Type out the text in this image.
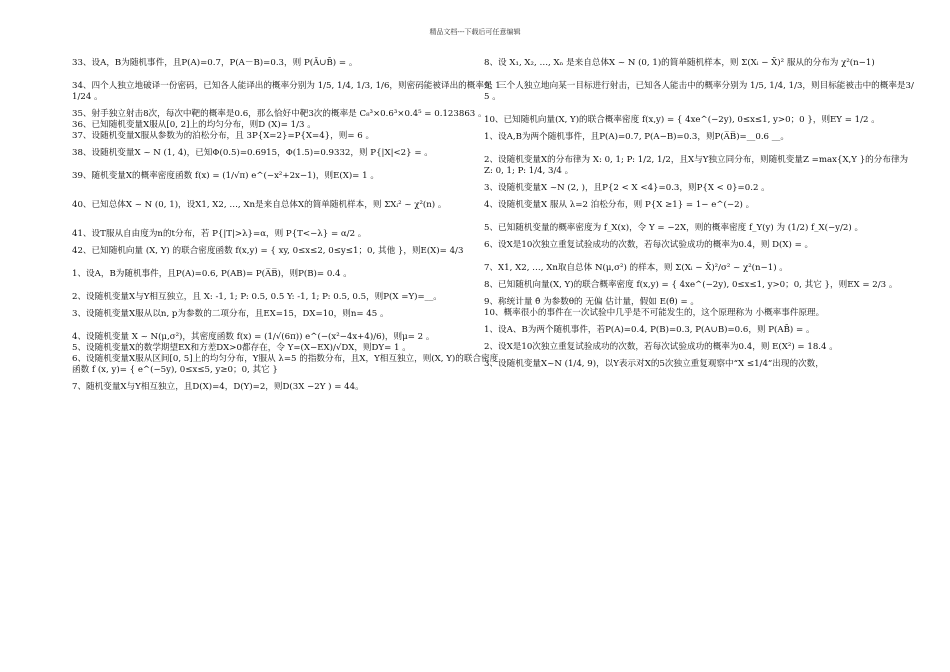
精品文档---下载后可任意编辑

33、设A，B为随机事件，且P(A)=0.7，P(A－B)=0.3，则 P(Ā∪B̄) = 。

34、四个人独立地破译一份密码，已知各人能译出的概率分别为 1/5, 1/4, 1/3, 1/6，则密码能被译出的概率是 11/24 。

35、射手独立射击8次，每次中靶的概率是0.6，那么恰好中靶3次的概率是 C₈³×0.6³×0.4⁵ = 0.123863 。

36、已知随机变量X服从[0, 2]上的均匀分布，则D (X)= 1/3 。

37、设随机变量X服从参数为的泊松分布，且 3P{X=2}=P{X=4}，则= 6 。

38、设随机变量X ~ N (1, 4)，已知Φ(0.5)=0.6915，Φ(1.5)=0.9332，则 P{|X|<2} = 。

39、随机变量X的概率密度函数 f(x) = (1/√π) e^(−x²+2x−1)，则E(X)= 1 。

40、已知总体X ~ N (0, 1)，设X1, X2, …, Xn是来自总体X的简单随机样本，则 ΣXᵢ² ~ χ²(n) 。

41、设T服从自由度为n的t分布，若 P{|T|>λ}=α，则 P{T<−λ} = α/2 。

42、已知随机向量 (X, Y) 的联合密度函数 f(x,y) = { xy, 0≤x≤2, 0≤y≤1；0, 其他 }，则E(X)= 4/3

1、设A，B为随机事件，且P(A)=0.6, P(AB)= P(A̅B̅)，则P(B)= 0.4 。

2、设随机变量X与Y相互独立，且 X: -1, 1; P: 0.5, 0.5 Y: -1, 1; P: 0.5, 0.5，则P(X =Y)=__。

3、设随机变量X服从以n, p为参数的二项分布，且EX=15，DX=10，则n= 45 。

4、设随机变量 X ~ N(μ,σ²)，其密度函数 f(x) = (1/√(6π)) e^(−(x²−4x+4)/6)，则μ= 2 。

5、设随机变量X的数学期望EX和方差DX>0都存在，令 Y=(X−EX)/√DX，则DY= 1 。

6、设随机变量X服从区间[0, 5]上的均匀分布，Y服从 λ=5 的指数分布，且X，Y相互独立，则(X, Y)的联合密度函数 f (x, y)= { e^(−5y), 0≤x≤5, y≥0；0, 其它 }

7、随机变量X与Y相互独立，且D(X)=4，D(Y)=2，则D(3X −2Y ) = 44。

8、设 X₁, X₂, …, Xₙ 是来自总体X ~ N (0, 1)的简单随机样本，则 Σ(Xᵢ − X̄)² 服从的分布为 χ²(n−1)

9、三个人独立地向某一目标进行射击，已知各人能击中的概率分别为 1/5, 1/4, 1/3，则目标能被击中的概率是3/5 。

10、已知随机向量(X, Y)的联合概率密度 f(x,y) = { 4xe^(−2y), 0≤x≤1, y>0；0 }，则EY = 1/2 。

1、设A,B为两个随机事件，且P(A)=0.7, P(A−B)=0.3，则P(A̅B̅)=__0.6 __。

2、设随机变量X的分布律为 X: 0, 1; P: 1/2, 1/2，且X与Y独立同分布，则随机变量Z =max{X,Y }的分布律为 Z: 0, 1; P: 1/4, 3/4 。

3、设随机变量X ~N (2, )，且P{2 < X <4}=0.3，则P{X < 0}=0.2 。

4、设随机变量X 服从 λ=2 泊松分布，则 P{X ≥1} = 1− e^(−2) 。

5、已知随机变量的概率密度为 f_X(x)，令 Y = −2X，则的概率密度 f_Y(y) 为 (1/2) f_X(−y/2) 。

6、设X是10次独立重复试验成功的次数，若每次试验成功的概率为0.4，则 D(X) = 。

7、X1, X2, …, Xn取自总体 N(μ,σ²) 的样本，则 Σ(Xᵢ − X̄)²/σ² ~ χ²(n−1) 。

8、已知随机向量(X, Y)的联合概率密度 f(x,y) = { 4xe^(−2y), 0≤x≤1, y>0；0, 其它 }，则EX = 2/3 。

9、称统计量 θ̂ 为参数θ的 无偏 估计量，假如 E(θ̂) = 。

10、概率很小的事件在一次试验中几乎是不可能发生的，这个原理称为 小概率事件原理。

1、设A、B为两个随机事件，若P(A)=0.4, P(B)=0.3, P(A∪B)=0.6，则 P(AB̄) = 。

2、设X是10次独立重复试验成功的次数，若每次试验成功的概率为0.4，则 E(X²) = 18.4 。

3、设随机变量X~N (1/4, 9)，以Y表示对X的5次独立重复观察中“X ≤1/4”出现的次数，
